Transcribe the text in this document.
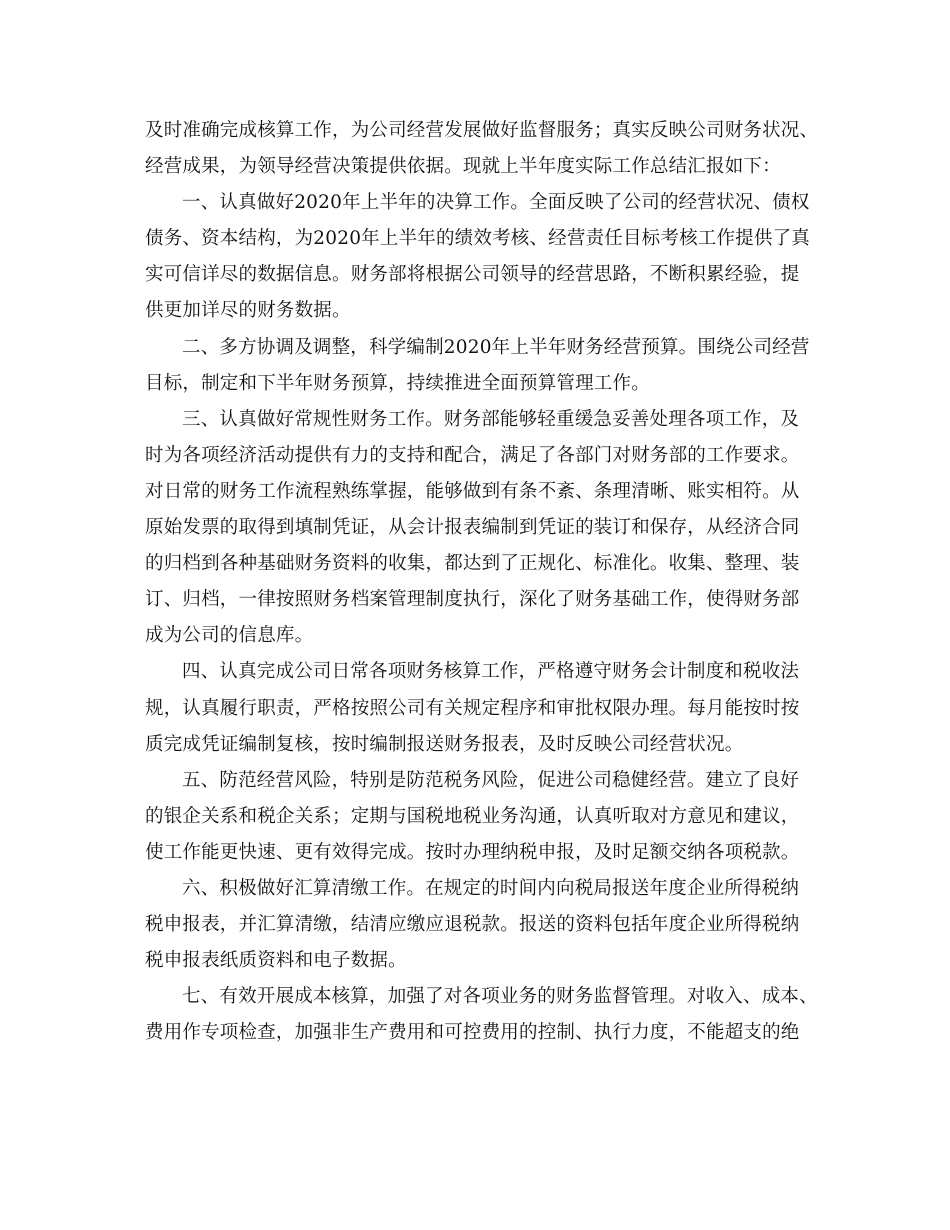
及时准确完成核算工作，为公司经营发展做好监督服务；真实反映公司财务状况、
经营成果，为领导经营决策提供依据。现就上半年度实际工作总结汇报如下：
一、认真做好2020年上半年的决算工作。全面反映了公司的经营状况、债权
债务、资本结构，为2020年上半年的绩效考核、经营责任目标考核工作提供了真
实可信详尽的数据信息。财务部将根据公司领导的经营思路，不断积累经验，提
供更加详尽的财务数据。
二、多方协调及调整，科学编制2020年上半年财务经营预算。围绕公司经营
目标，制定和下半年财务预算，持续推进全面预算管理工作。
三、认真做好常规性财务工作。财务部能够轻重缓急妥善处理各项工作，及
时为各项经济活动提供有力的支持和配合，满足了各部门对财务部的工作要求。
对日常的财务工作流程熟练掌握，能够做到有条不紊、条理清晰、账实相符。从
原始发票的取得到填制凭证，从会计报表编制到凭证的装订和保存，从经济合同
的归档到各种基础财务资料的收集，都达到了正规化、标准化。收集、整理、装
订、归档，一律按照财务档案管理制度执行，深化了财务基础工作，使得财务部
成为公司的信息库。
四、认真完成公司日常各项财务核算工作，严格遵守财务会计制度和税收法
规，认真履行职责，严格按照公司有关规定程序和审批权限办理。每月能按时按
质完成凭证编制复核，按时编制报送财务报表，及时反映公司经营状况。
五、防范经营风险，特别是防范税务风险，促进公司稳健经营。建立了良好
的银企关系和税企关系；定期与国税地税业务沟通，认真听取对方意见和建议，
使工作能更快速、更有效得完成。按时办理纳税申报，及时足额交纳各项税款。
六、积极做好汇算清缴工作。在规定的时间内向税局报送年度企业所得税纳
税申报表，并汇算清缴，结清应缴应退税款。报送的资料包括年度企业所得税纳
税申报表纸质资料和电子数据。
七、有效开展成本核算，加强了对各项业务的财务监督管理。对收入、成本、
费用作专项检查，加强非生产费用和可控费用的控制、执行力度，不能超支的绝
